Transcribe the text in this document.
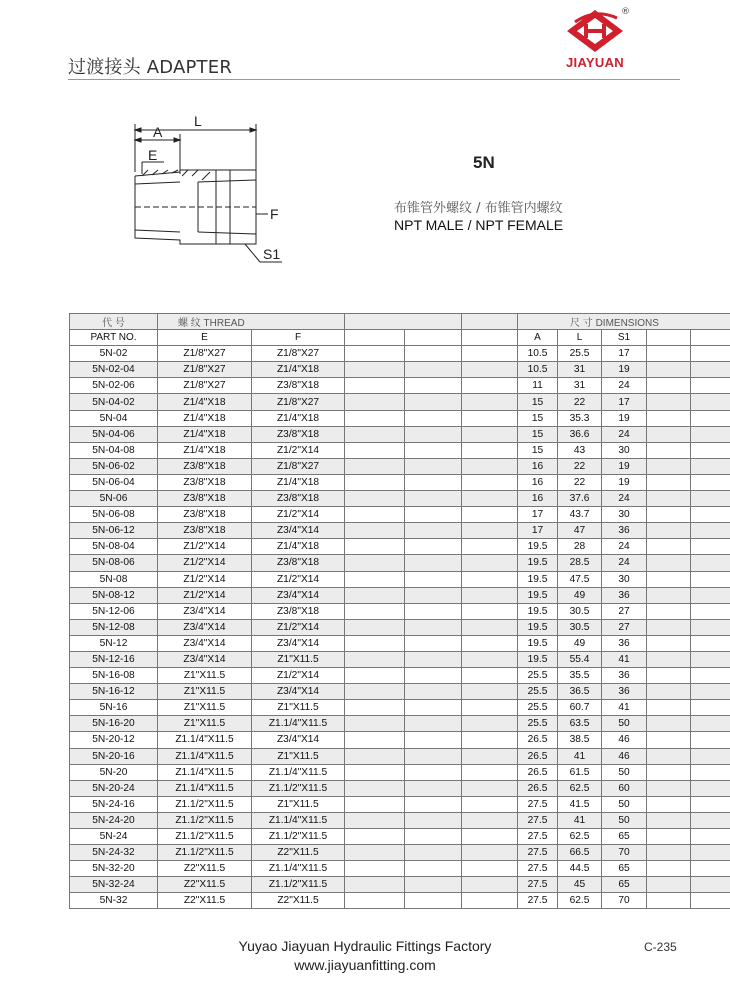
过渡接头 ADAPTER
®
JIAYUAN
L
A
E
F
S1
5N
布锥管外螺纹 / 布锥管内螺纹
NPT MALE / NPT FEMALE
代 号	螺 纹 THREAD					尺 寸 DIMENSIONS				
PART NO.	E	F				A	L	S1		
5N-02	Z1/8"X27	Z1/8"X27				10.5	25.5	17		
5N-02-04	Z1/8"X27	Z1/4"X18				10.5	31	19		
5N-02-06	Z1/8"X27	Z3/8"X18				11	31	24		
5N-04-02	Z1/4"X18	Z1/8"X27				15	22	17		
5N-04	Z1/4"X18	Z1/4"X18				15	35.3	19		
5N-04-06	Z1/4"X18	Z3/8"X18				15	36.6	24		
5N-04-08	Z1/4"X18	Z1/2"X14				15	43	30		
5N-06-02	Z3/8"X18	Z1/8"X27				16	22	19		
5N-06-04	Z3/8"X18	Z1/4"X18				16	22	19		
5N-06	Z3/8"X18	Z3/8"X18				16	37.6	24		
5N-06-08	Z3/8"X18	Z1/2"X14				17	43.7	30		
5N-06-12	Z3/8"X18	Z3/4"X14				17	47	36		
5N-08-04	Z1/2"X14	Z1/4"X18				19.5	28	24		
5N-08-06	Z1/2"X14	Z3/8"X18				19.5	28.5	24		
5N-08	Z1/2"X14	Z1/2"X14				19.5	47.5	30		
5N-08-12	Z1/2"X14	Z3/4"X14				19.5	49	36		
5N-12-06	Z3/4"X14	Z3/8"X18				19.5	30.5	27		
5N-12-08	Z3/4"X14	Z1/2"X14				19.5	30.5	27		
5N-12	Z3/4"X14	Z3/4"X14				19.5	49	36		
5N-12-16	Z3/4"X14	Z1"X11.5				19.5	55.4	41		
5N-16-08	Z1"X11.5	Z1/2"X14				25.5	35.5	36		
5N-16-12	Z1"X11.5	Z3/4"X14				25.5	36.5	36		
5N-16	Z1"X11.5	Z1"X11.5				25.5	60.7	41		
5N-16-20	Z1"X11.5	Z1.1/4"X11.5				25.5	63.5	50		
5N-20-12	Z1.1/4"X11.5	Z3/4"X14				26.5	38.5	46		
5N-20-16	Z1.1/4"X11.5	Z1"X11.5				26.5	41	46		
5N-20	Z1.1/4"X11.5	Z1.1/4"X11.5				26.5	61.5	50		
5N-20-24	Z1.1/4"X11.5	Z1.1/2"X11.5				26.5	62.5	60		
5N-24-16	Z1.1/2"X11.5	Z1"X11.5				27.5	41.5	50		
5N-24-20	Z1.1/2"X11.5	Z1.1/4"X11.5				27.5	41	50		
5N-24	Z1.1/2"X11.5	Z1.1/2"X11.5				27.5	62.5	65		
5N-24-32	Z1.1/2"X11.5	Z2"X11.5				27.5	66.5	70		
5N-32-20	Z2"X11.5	Z1.1/4"X11.5				27.5	44.5	65		
5N-32-24	Z2"X11.5	Z1.1/2"X11.5				27.5	45	65		
5N-32	Z2"X11.5	Z2"X11.5				27.5	62.5	70		
Yuyao Jiayuan Hydraulic Fittings Factory
www.jiayuanfitting.com
C-235
